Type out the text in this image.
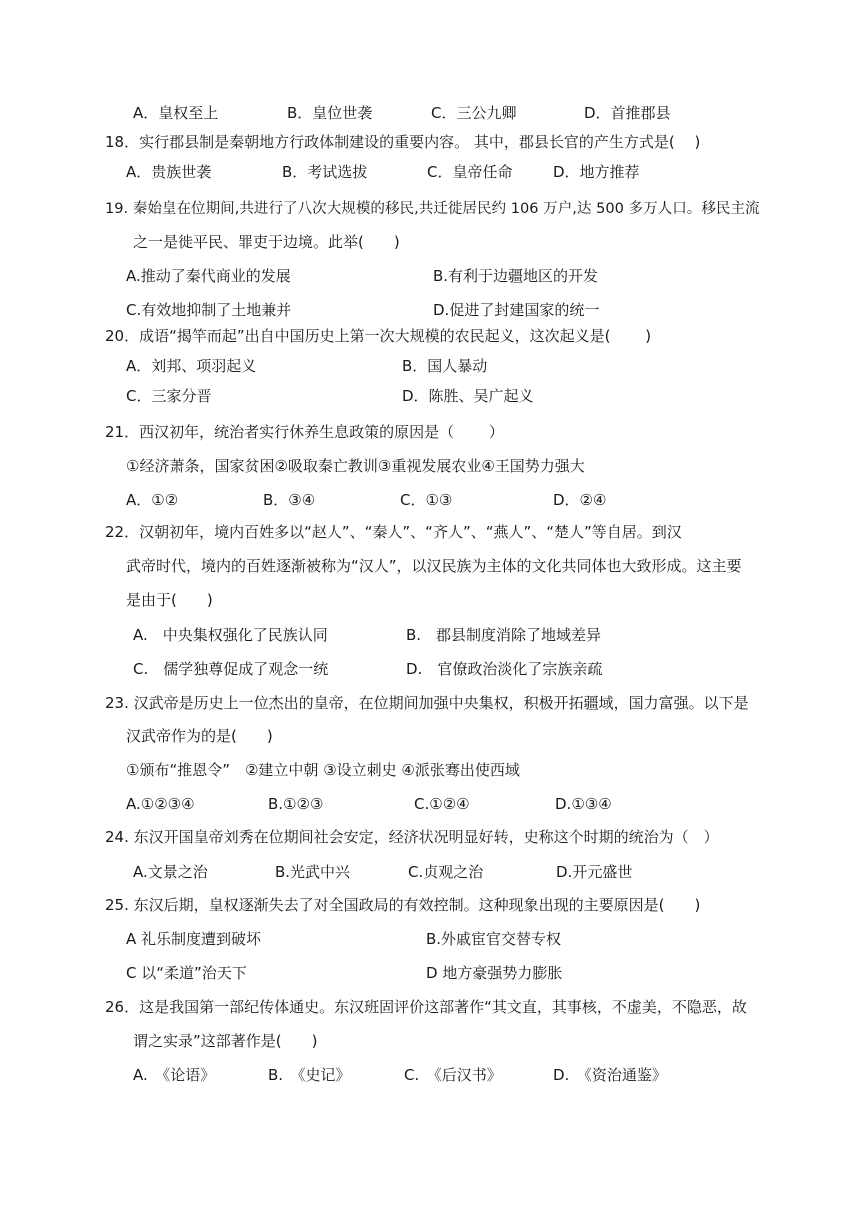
A．皇权至上	B．皇位世袭	C．三公九卿	D．首推郡县
18．实行郡县制是秦朝地方行政体制建设的重要内容。 其中，郡县长官的产生方式是(　 )
A．贵族世袭	B．考试选拔	C．皇帝任命	D．地方推荐
19. 秦始皇在位期间,共进行了八次大规模的移民,共迁徙居民约 106 万户,达 500 多万人口。移民主流
之一是徙平民、罪吏于边境。此举(　　)
A.推动了秦代商业的发展	B.有利于边疆地区的开发
C.有效地抑制了土地兼并	D.促进了封建国家的统一
20．成语“揭竿而起”出自中国历史上第一次大规模的农民起义，这次起义是(　　 )
A．刘邦、项羽起义	B．国人暴动
C．三家分晋	D．陈胜、吴广起义
21．西汉初年，统治者实行休养生息政策的原因是（　　 ）
①经济萧条，国家贫困②吸取秦亡教训③重视发展农业④王国势力强大
A．①②	B．③④	C．①③	D．②④
22．汉朝初年，境内百姓多以“赵人”、“秦人”、“齐人”、“燕人”、“楚人”等自居。到汉
武帝时代，境内的百姓逐渐被称为“汉人”，以汉民族为主体的文化共同体也大致形成。这主要
是由于(　　)
A.　中央集权强化了民族认同	B.　郡县制度消除了地域差异
C.　儒学独尊促成了观念一统	D.　官僚政治淡化了宗族亲疏
23. 汉武帝是历史上一位杰出的皇帝，在位期间加强中央集权，积极开拓疆域，国力富强。以下是
汉武帝作为的是(　　)
①颁布“推恩令”　②建立中朝 ③设立刺史 ④派张骞出使西域
A.①②③④	B.①②③	C.①②④	D.①③④
24. 东汉开国皇帝刘秀在位期间社会安定，经济状况明显好转，史称这个时期的统治为（　）
A.文景之治	B.光武中兴	C.贞观之治	D.开元盛世
25. 东汉后期，皇权逐渐失去了对全国政局的有效控制。这种现象出现的主要原因是(　　)
A 礼乐制度遭到破坏	B.外戚宦官交替专权
C 以“柔道”治天下	D 地方豪强势力膨胀
26．这是我国第一部纪传体通史。东汉班固评价这部著作“其文直，其事核，不虚美，不隐恶，故
谓之实录”这部著作是(　　)
A.　《论语》	B.　《史记》	C.　《后汉书》	D.　《资治通鉴》
